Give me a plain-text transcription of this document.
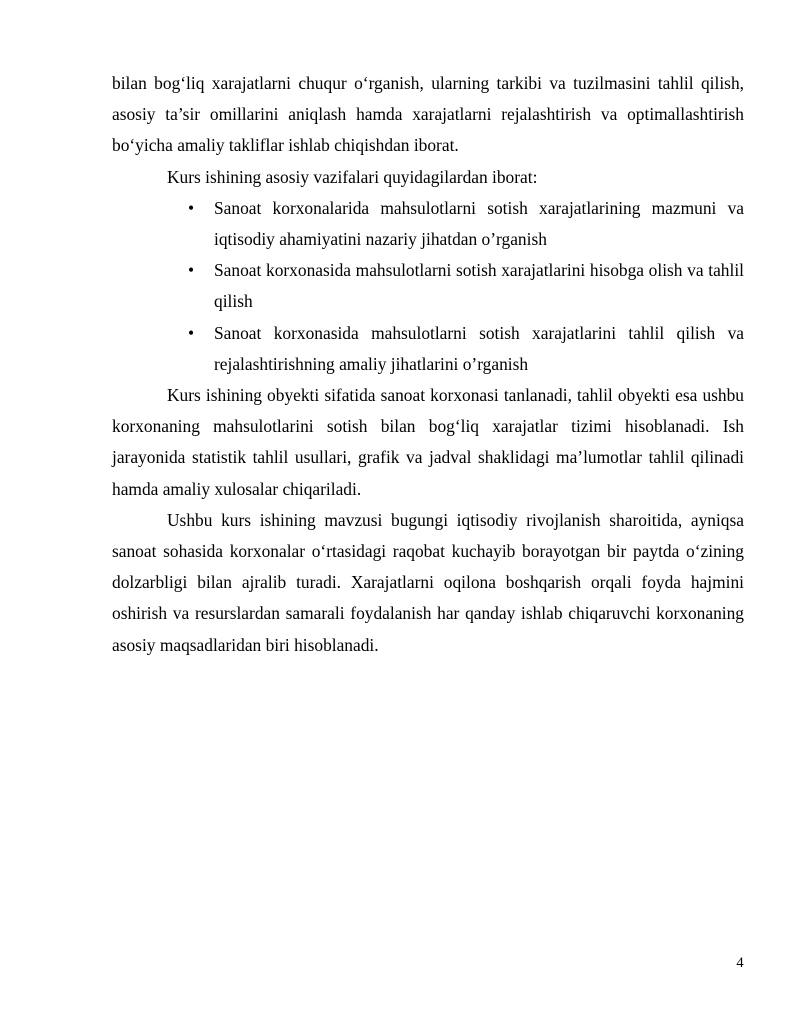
bilan bog‘liq xarajatlarni chuqur o‘rganish, ularning tarkibi va tuzilmasini tahlil qilish, asosiy ta’sir omillarini aniqlash hamda xarajatlarni rejalashtirish va optimallashtirish bo‘yicha amaliy takliflar ishlab chiqishdan iborat.

Kurs ishining asosiy vazifalari quyidagilardan iborat:

• Sanoat korxonalarida mahsulotlarni sotish xarajatlarining mazmuni va iqtisodiy ahamiyatini nazariy jihatdan o’rganish
• Sanoat korxonasida mahsulotlarni sotish xarajatlarini hisobga olish va tahlil qilish
• Sanoat korxonasida mahsulotlarni sotish xarajatlarini tahlil qilish va rejalashtirishning amaliy jihatlarini o’rganish

Kurs ishining obyekti sifatida sanoat korxonasi tanlanadi, tahlil obyekti esa ushbu korxonaning mahsulotlarini sotish bilan bog‘liq xarajatlar tizimi hisoblanadi. Ish jarayonida statistik tahlil usullari, grafik va jadval shaklidagi ma’lumotlar tahlil qilinadi hamda amaliy xulosalar chiqariladi.

Ushbu kurs ishining mavzusi bugungi iqtisodiy rivojlanish sharoitida, ayniqsa sanoat sohasida korxonalar o‘rtasidagi raqobat kuchayib borayotgan bir paytda o‘zining dolzarbligi bilan ajralib turadi. Xarajatlarni oqilona boshqarish orqali foyda hajmini oshirish va resurslardan samarali foydalanish har qanday ishlab chiqaruvchi korxonaning asosiy maqsadlaridan biri hisoblanadi.

4
